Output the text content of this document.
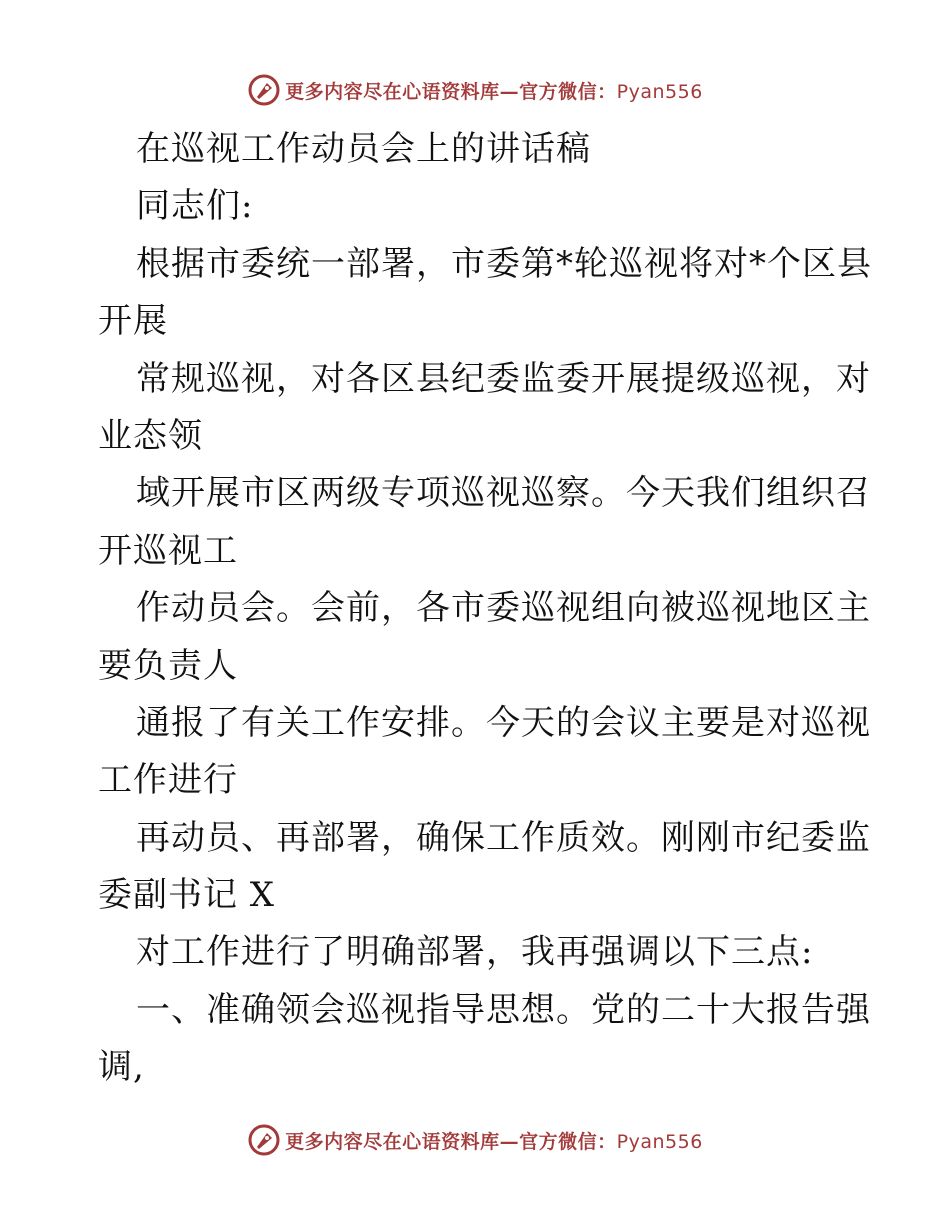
更多内容尽在心语资料库—官方微信：Pyan556
在巡视工作动员会上的讲话稿
同志们:
根据市委统一部署，市委第*轮巡视将对*个区县
开展
常规巡视，对各区县纪委监委开展提级巡视，对
业态领
域开展市区两级专项巡视巡察。今天我们组织召
开巡视工
作动员会。会前，各市委巡视组向被巡视地区主
要负责人
通报了有关工作安排。今天的会议主要是对巡视
工作进行
再动员、再部署，确保工作质效。刚刚市纪委监
委副书记 X
对工作进行了明确部署，我再强调以下三点:
一、准确领会巡视指导思想。党的二十大报告强
调,
更多内容尽在心语资料库—官方微信：Pyan556
